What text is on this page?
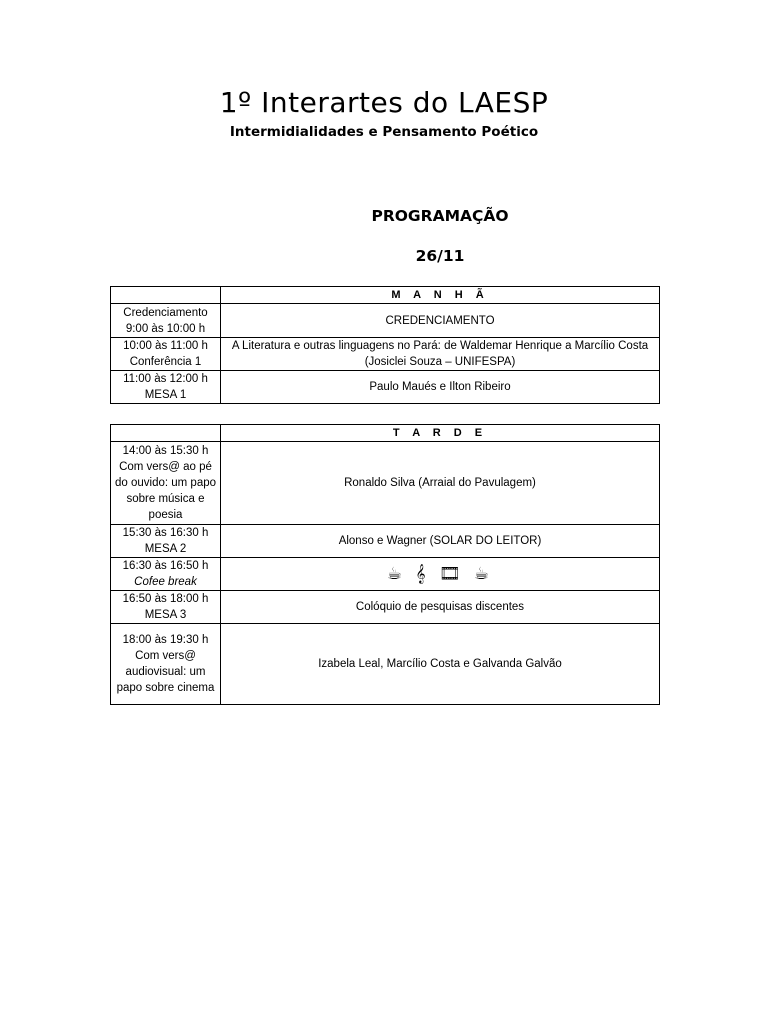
1º Interartes do LAESP
Intermidialidades e Pensamento Poético
PROGRAMAÇÃO
26/11
	M A N H Ã

Credenciamento
9:00 às 10:00 h	CREDENCIAMENTO

10:00 às 11:00 h
Conferência 1	A Literatura e outras linguagens no Pará: de Waldemar Henrique a Marcílio Costa (Josiclei Souza – UNIFESPA)

11:00 às 12:00 h
MESA 1	Paulo Maués e Ilton Ribeiro
	T A R D E

14:00 às 15:30 h
Com vers@ ao pé do ouvido: um papo sobre música e poesia	Ronaldo Silva (Arraial do Pavulagem)

15:30 às 16:30 h
MESA 2	Alonso e Wagner (SOLAR DO LEITOR)

16:30 às 16:50 h
Cofee break	☕ 𝄞 🎞 ☕

16:50 às 18:00 h
MESA 3	Colóquio de pesquisas discentes

18:00 às 19:30 h
Com vers@ audiovisual: um papo sobre cinema	Izabela Leal, Marcílio Costa e Galvanda Galvão
